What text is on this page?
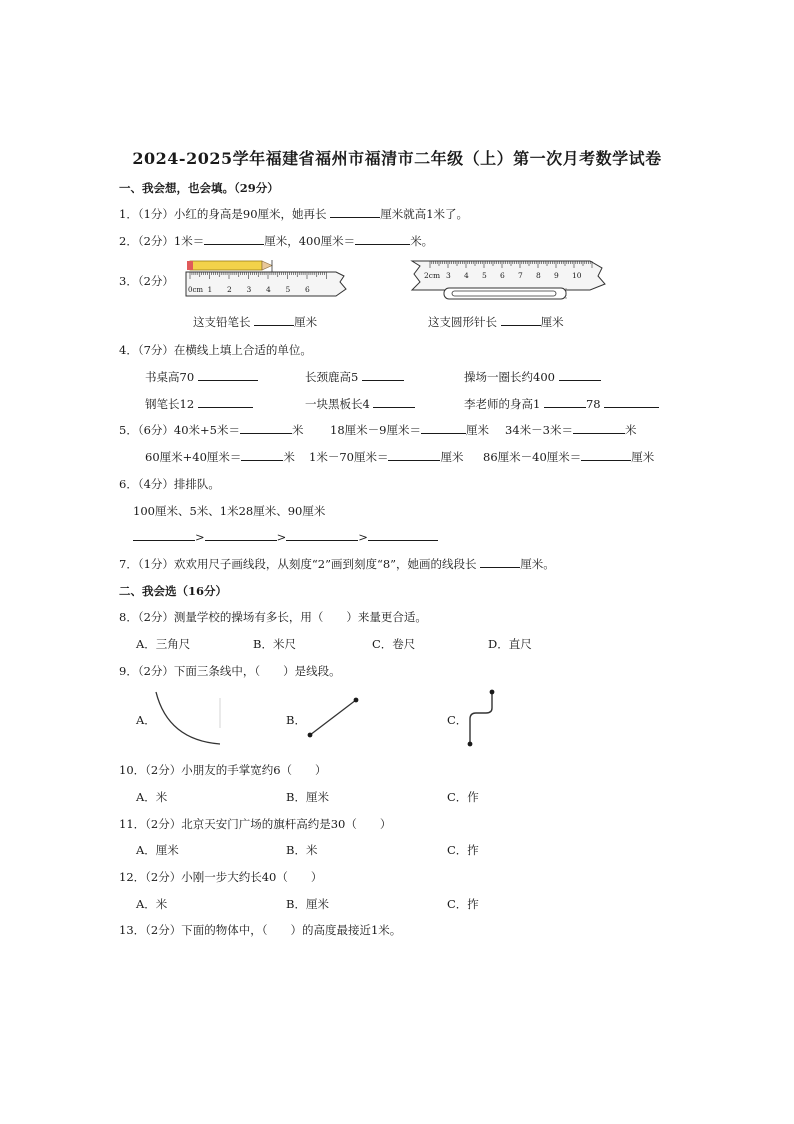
2024-2025学年福建省福州市福清市二年级（上）第一次月考数学试卷
一、我会想，也会填。（29分）
1．（1分）小红的身高是90厘米，她再长	厘米就高1米了。
2．（2分）1米＝	厘米，400厘米＝	米。
3．（2分）
0cm 1 2 3 4 5 6
2cm 3 4 5 6 7 8 9 10
这支铅笔长	厘米	这支圆形针长	厘米
4．（7分）在横线上填上合适的单位。
书桌高70	长颈鹿高5	操场一圈长约400
钢笔长12	一块黑板长4	李老师的身高1	78
5．（6分）40米+5米＝	米 18厘米－9厘米＝	厘米 34米－3米＝	米
60厘米+40厘米＝	米 1米－70厘米＝	厘米 86厘米－40厘米＝	厘米
6．（4分）排排队。
100厘米、5米、1米28厘米、90厘米
>	>	>
7．（1分）欢欢用尺子画线段，从刻度“2”画到刻度“8”，她画的线段长	厘米。
二、我会选（16分）
8．（2分）测量学校的操场有多长，用（　　）来量更合适。
A．三角尺	B．米尺	C．卷尺	D．直尺
9．（2分）下面三条线中，（　　）是线段。
A．	B．	C．
10．（2分）小朋友的手掌宽约6（　　）
A．米	B．厘米	C．作
11．（2分）北京天安门广场的旗杆高约是30（　　）
A．厘米	B．米	C．拃
12．（2分）小刚一步大约长40（　　）
A．米	B．厘米	C．拃
13．（2分）下面的物体中，（　　）的高度最接近1米。
